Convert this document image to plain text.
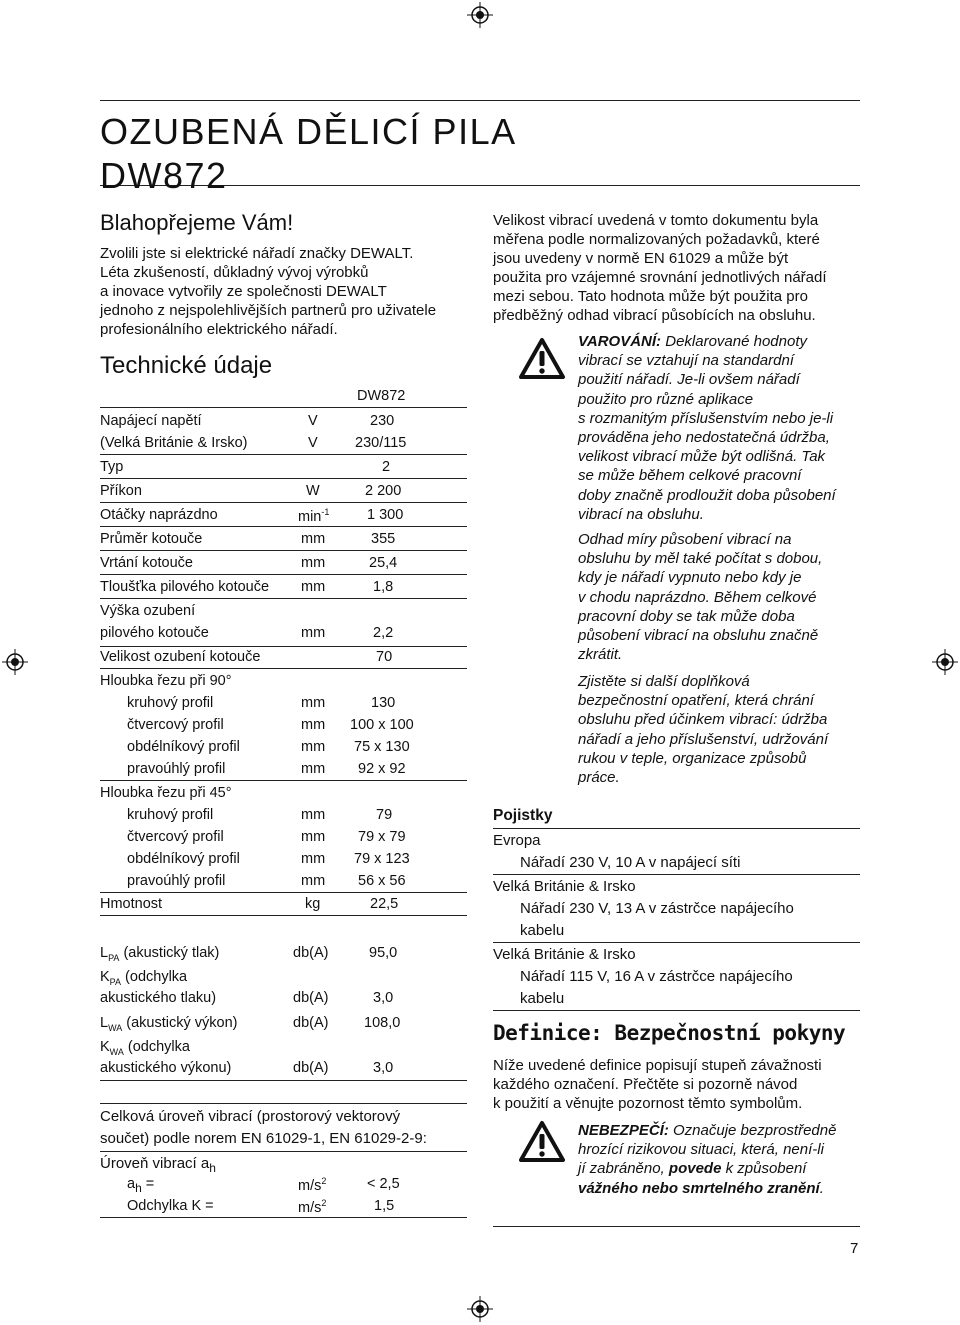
OZUBENÁ DĚLICÍ PILA
DW872
Blahopřejeme Vám!
Zvolili jste si elektrické nářadí značky DEWALT.
Léta zkušeností, důkladný vývoj výrobků
a inovace vytvořily ze společnosti DEWALT
jednoho z nejspolehlivějších partnerů pro uživatele
profesionálního elektrického nářadí.
Technické údaje
DW872
Napájecí napětí	V	230
(Velká Británie & Irsko)	V	230/115
Typ	2
Příkon	W	2 200
Otáčky naprázdno	$\min^{-1}$	1 300
Průměr kotouče	mm	355
Vrtání kotouče	mm	25,4
Tloušťka pilového kotouče mm	1,8
Výška ozubení
pilového kotouče	mm	2,2
Velikost ozubení kotouče	70
Hloubka řezu při 90°
kruhový profil	mm	130
čtvercový profil	mm 100 x 100
obdélníkový profil	mm 75 x 130
pravoúhlý profil	mm 92 x 92
Hloubka řezu při 45°
kruhový profil	mm	79
čtvercový profil	mm 79 x 79
obdélníkový profil	mm 79 x 123
pravoúhlý profil	mm 56 x 56
Hmotnost	kg	22,5
$L_{PA}$ (akustický tlak)	db(A)	95,0
$K_{PA}$ (odchylka
akustického tlaku)	db(A)	3,0
$L_{WA}$ (akustický výkon)	db(A) 108,0
$K_{WA}$ (odchylka
akustického výkonu)	db(A)	3,0
Celková úroveň vibrací (prostorový vektorový
součet) podle norem EN 61029-1, EN 61029-2-9:
Úroveň vibrací $a_h$
$a_h$ =	$m/s^2$	< 2,5
Odchylka K =	$m/s^2$	1,5
Velikost vibrací uvedená v tomto dokumentu byla
měřena podle normalizovaných požadavků, které
jsou uvedeny v normě EN 61029 a může být
použita pro vzájemné srovnání jednotlivých nářadí
mezi sebou. Tato hodnota může být použita pro
předběžný odhad vibrací působících na obsluhu.
VAROVÁNÍ: Deklarované hodnoty
vibrací se vztahují na standardní
použití nářadí. Je-li ovšem nářadí
použito pro různé aplikace
s rozmanitým příslušenstvím nebo je-li
prováděna jeho nedostatečná údržba,
velikost vibrací může být odlišná. Tak
se může během celkové pracovní
doby značně prodloužit doba působení
vibrací na obsluhu.
Odhad míry působení vibrací na
obsluhu by měl také počítat s dobou,
kdy je nářadí vypnuto nebo kdy je
v chodu naprázdno. Během celkové
pracovní doby se tak může doba
působení vibrací na obsluhu značně
zkrátit.
Zjistěte si další doplňková
bezpečnostní opatření, která chrání
obsluhu před účinkem vibrací: údržba
nářadí a jeho příslušenství, udržování
rukou v teple, organizace způsobů
práce.
Pojistky
Evropa
Nářadí 230 V, 10 A v napájecí síti
Velká Británie & Irsko
Nářadí 230 V, 13 A v zástrčce napájecího
kabelu
Velká Británie & Irsko
Nářadí 115 V, 16 A v zástrčce napájecího
kabelu
Definice: Bezpečnostní pokyny
Níže uvedené definice popisují stupeň závažnosti
každého označení. Přečtěte si pozorně návod
k použití a věnujte pozornost těmto symbolům.
NEBEZPEČÍ: Označuje bezprostředně
hrozící rizikovou situaci, která, není-li
jí zabráněno, povede k způsobení
vážného nebo smrtelného zranění.
7
